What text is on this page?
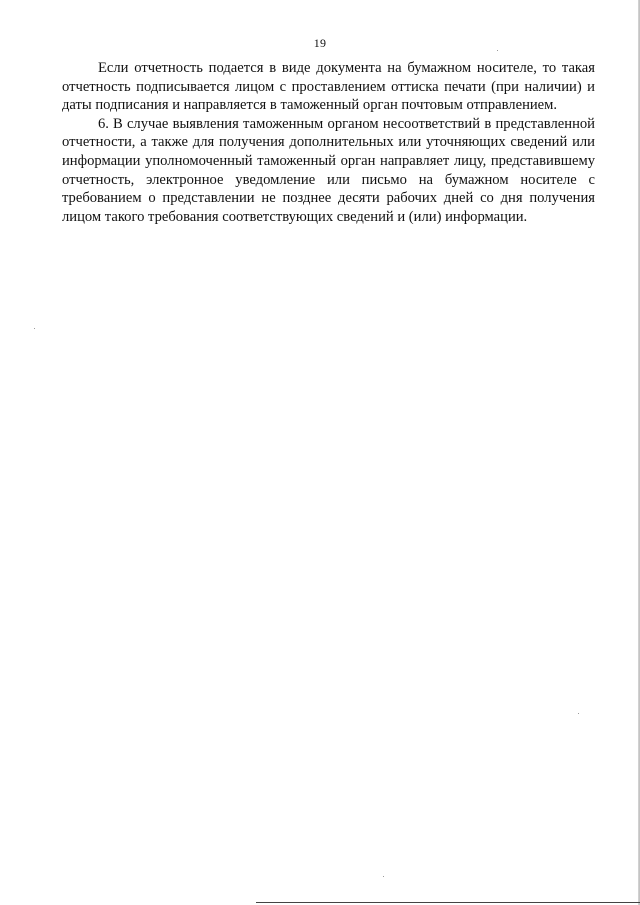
19

Если отчетность подается в виде документа на бумажном носителе, то такая отчетность подписывается лицом с проставлением оттиска печати (при наличии) и даты подписания и направляется в таможенный орган почтовым отправлением.

6. В случае выявления таможенным органом несоответствий в представленной отчетности, а также для получения дополнительных или уточняющих сведений или информации уполномоченный таможенный орган направляет лицу, представившему отчетность, электронное уведомление или письмо на бумажном носителе с требованием о представлении не позднее десяти рабочих дней со дня получения лицом такого требования соответствующих сведений и (или) информации.
